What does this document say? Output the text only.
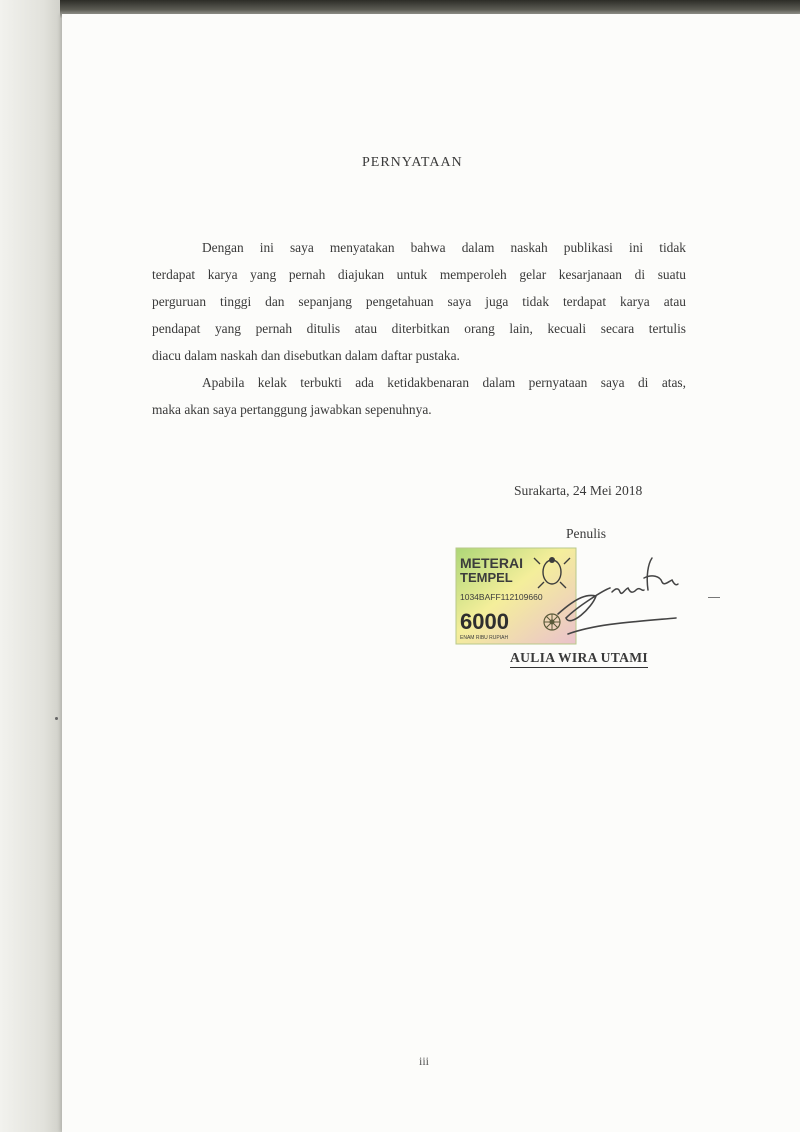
PERNYATAAN
Dengan ini saya menyatakan bahwa dalam naskah publikasi ini tidak
terdapat karya yang pernah diajukan untuk memperoleh gelar kesarjanaan di suatu
perguruan tinggi dan sepanjang pengetahuan saya juga tidak terdapat karya atau
pendapat yang pernah ditulis atau diterbitkan orang lain, kecuali secara tertulis
diacu dalam naskah dan disebutkan dalam daftar pustaka.
Apabila kelak terbukti ada ketidakbenaran dalam pernyataan saya di atas,
maka akan saya pertanggung jawabkan sepenuhnya.
Surakarta, 24 Mei 2018
Penulis
METERAI
TEMPEL
1034BAFF112109660
6000
ENAM RIBU RUPIAH
AULIA WIRA UTAMI
iii
